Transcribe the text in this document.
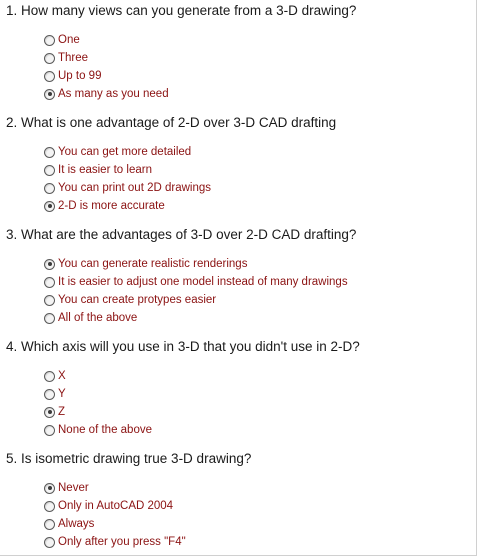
1. How many views can you generate from a 3-D drawing?
One
Three
Up to 99
As many as you need
2. What is one advantage of 2-D over 3-D CAD drafting
You can get more detailed
It is easier to learn
You can print out 2D drawings
2-D is more accurate
3. What are the advantages of 3-D over 2-D CAD drafting?
You can generate realistic renderings
It is easier to adjust one model instead of many drawings
You can create protypes easier
All of the above
4. Which axis will you use in 3-D that you didn't use in 2-D?
X
Y
Z
None of the above
5. Is isometric drawing true 3-D drawing?
Never
Only in AutoCAD 2004
Always
Only after you press "F4"
